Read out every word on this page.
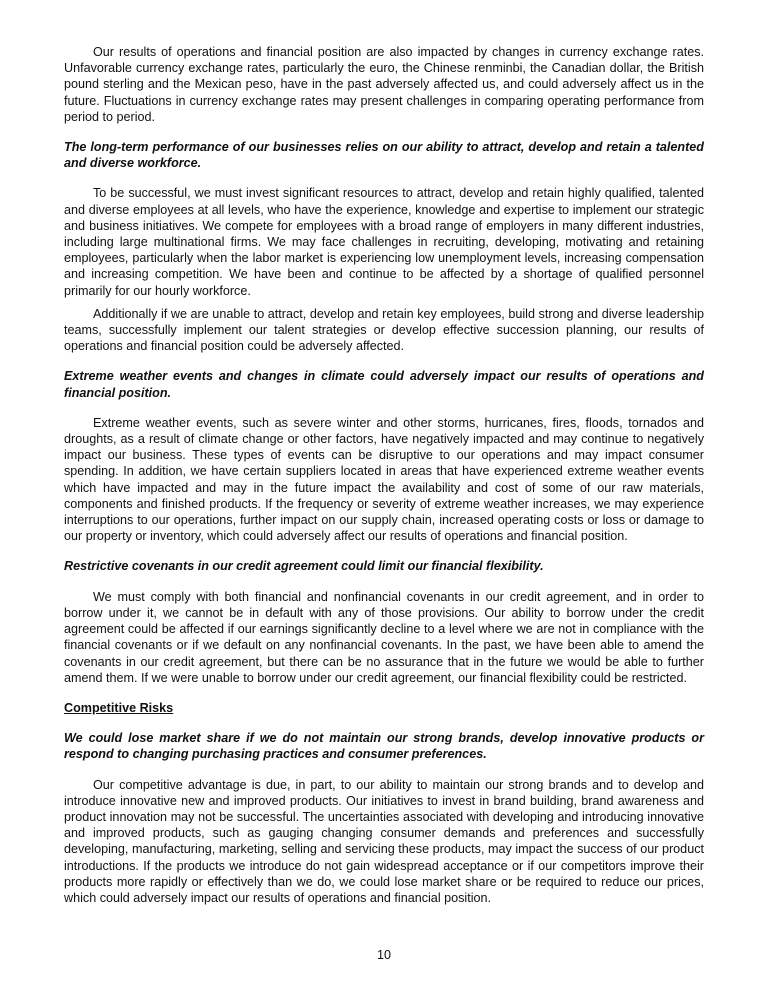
Our results of operations and financial position are also impacted by changes in currency exchange rates. Unfavorable currency exchange rates, particularly the euro, the Chinese renminbi, the Canadian dollar, the British pound sterling and the Mexican peso, have in the past adversely affected us, and could adversely affect us in the future. Fluctuations in currency exchange rates may present challenges in comparing operating performance from period to period.

The long-term performance of our businesses relies on our ability to attract, develop and retain a talented and diverse workforce.

To be successful, we must invest significant resources to attract, develop and retain highly qualified, talented and diverse employees at all levels, who have the experience, knowledge and expertise to implement our strategic and business initiatives. We compete for employees with a broad range of employers in many different industries, including large multinational firms. We may face challenges in recruiting, developing, motivating and retaining employees, particularly when the labor market is experiencing low unemployment levels, increasing compensation and increasing competition. We have been and continue to be affected by a shortage of qualified personnel primarily for our hourly workforce.

Additionally if we are unable to attract, develop and retain key employees, build strong and diverse leadership teams, successfully implement our talent strategies or develop effective succession planning, our results of operations and financial position could be adversely affected.

Extreme weather events and changes in climate could adversely impact our results of operations and financial position.

Extreme weather events, such as severe winter and other storms, hurricanes, fires, floods, tornados and droughts, as a result of climate change or other factors, have negatively impacted and may continue to negatively impact our business. These types of events can be disruptive to our operations and may impact consumer spending. In addition, we have certain suppliers located in areas that have experienced extreme weather events which have impacted and may in the future impact the availability and cost of some of our raw materials, components and finished products. If the frequency or severity of extreme weather increases, we may experience interruptions to our operations, further impact on our supply chain, increased operating costs or loss or damage to our property or inventory, which could adversely affect our results of operations and financial position.

Restrictive covenants in our credit agreement could limit our financial flexibility.

We must comply with both financial and nonfinancial covenants in our credit agreement, and in order to borrow under it, we cannot be in default with any of those provisions. Our ability to borrow under the credit agreement could be affected if our earnings significantly decline to a level where we are not in compliance with the financial covenants or if we default on any nonfinancial covenants. In the past, we have been able to amend the covenants in our credit agreement, but there can be no assurance that in the future we would be able to further amend them. If we were unable to borrow under our credit agreement, our financial flexibility could be restricted.

Competitive Risks

We could lose market share if we do not maintain our strong brands, develop innovative products or respond to changing purchasing practices and consumer preferences.

Our competitive advantage is due, in part, to our ability to maintain our strong brands and to develop and introduce innovative new and improved products. Our initiatives to invest in brand building, brand awareness and product innovation may not be successful. The uncertainties associated with developing and introducing innovative and improved products, such as gauging changing consumer demands and preferences and successfully developing, manufacturing, marketing, selling and servicing these products, may impact the success of our product introductions. If the products we introduce do not gain widespread acceptance or if our competitors improve their products more rapidly or effectively than we do, we could lose market share or be required to reduce our prices, which could adversely impact our results of operations and financial position.

10
